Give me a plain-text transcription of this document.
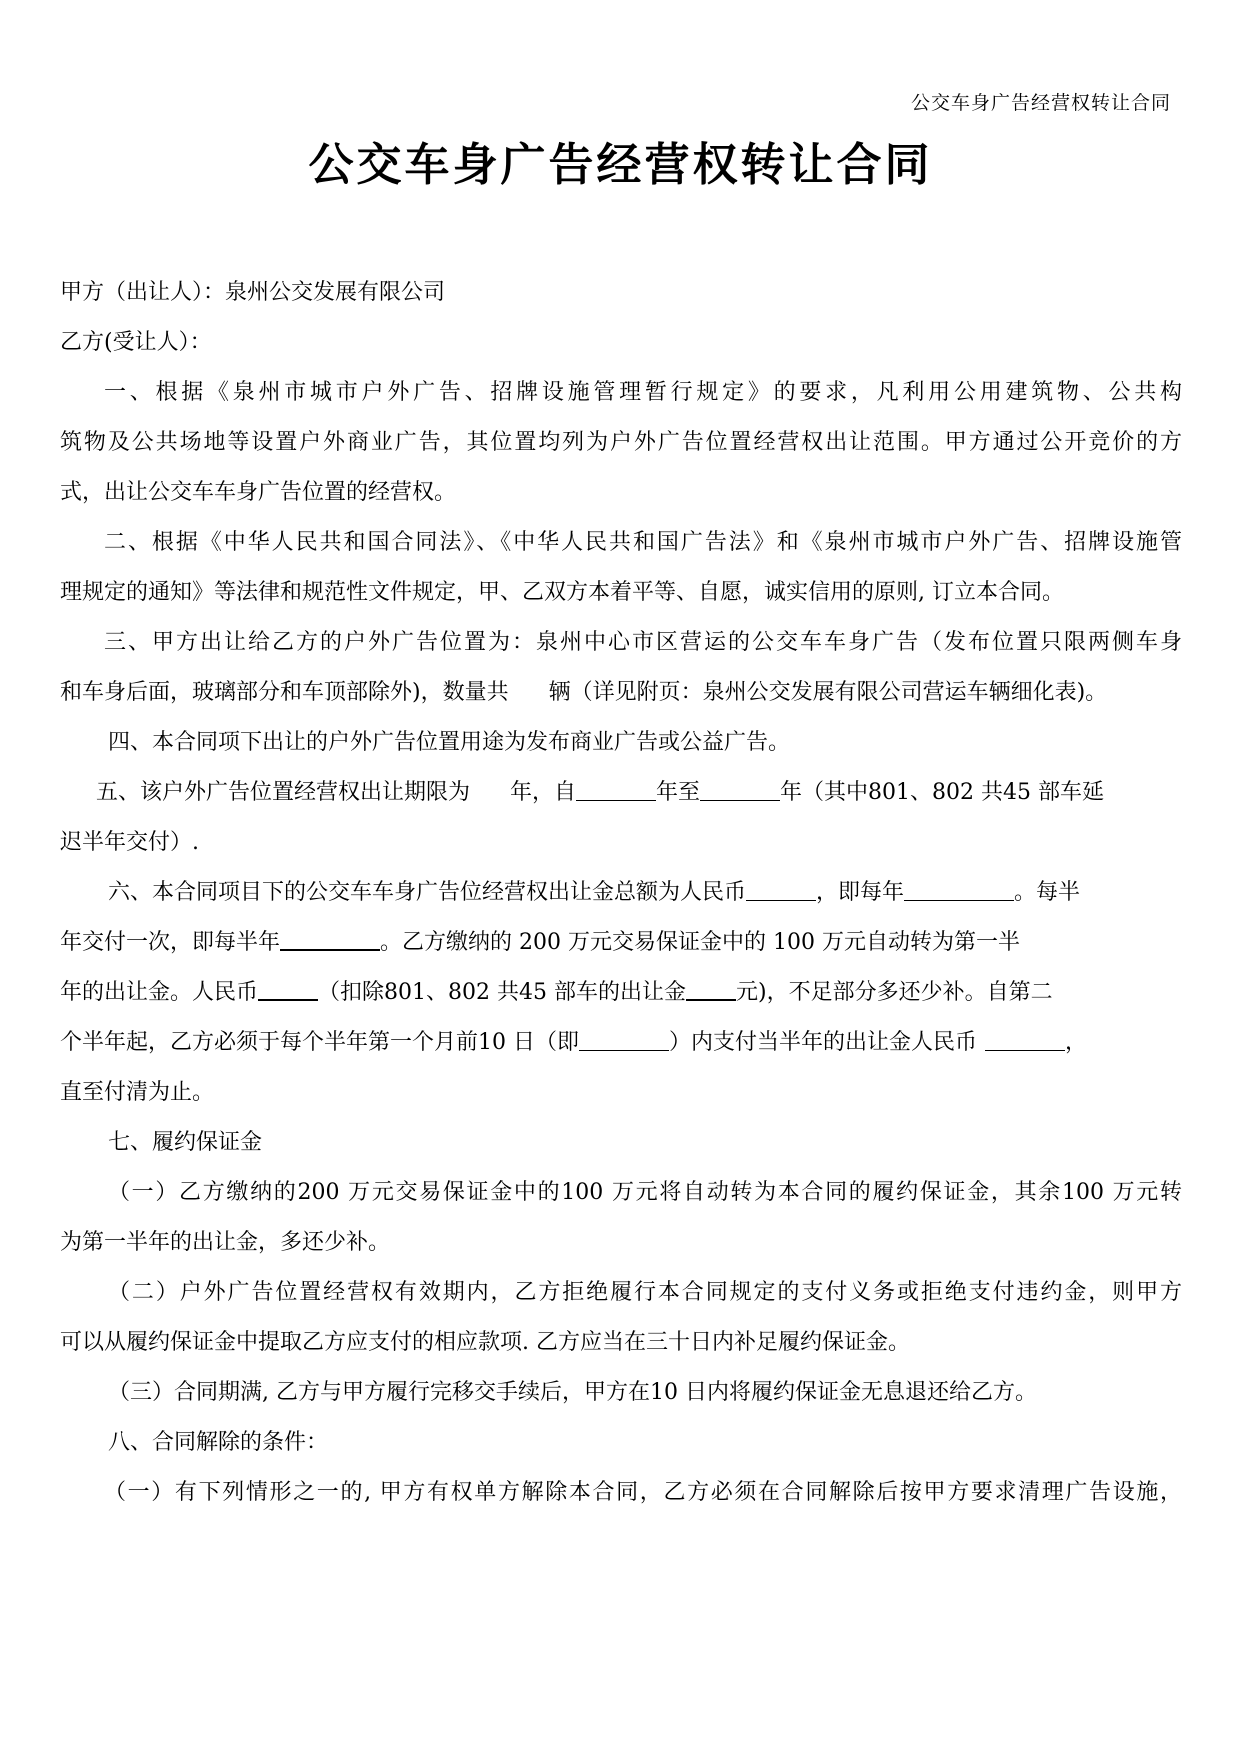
公交车身广告经营权转让合同
公交车身广告经营权转让合同
甲方（出让人）：泉州公交发展有限公司
乙方(受让人）：
一、根据《泉州市城市户外广告、招牌设施管理暂行规定》的要求，凡利用公用建筑物、公共构
筑物及公共场地等设置户外商业广告，其位置均列为户外广告位置经营权出让范围。甲方通过公开竞价的方
式，出让公交车车身广告位置的经营权。
二、根据《中华人民共和国合同法》、《中华人民共和国广告法》和《泉州市城市户外广告、招牌设施管
理规定的通知》等法律和规范性文件规定，甲、乙双方本着平等、自愿，诚实信用的原则, 订立本合同。
三、甲方出让给乙方的户外广告位置为：泉州中心市区营运的公交车车身广告（发布位置只限两侧车身
和车身后面，玻璃部分和车顶部除外)，数量共 辆（详见附页：泉州公交发展有限公司营运车辆细化表)。
四、本合同项下出让的户外广告位置用途为发布商业广告或公益广告。
五、该户外广告位置经营权出让期限为 年，自	年至	年（其中801、802 共45 部车延
迟半年交付）.
六、本合同项目下的公交车车身广告位经营权出让金总额为人民币	，即每年	。每半
年交付一次，即每半年	。乙方缴纳的 200 万元交易保证金中的 100 万元自动转为第一半
年的出让金。人民币	（扣除801、802 共45 部车的出让金 元)，不足部分多还少补。自第二
个半年起，乙方必须于每个半年第一个月前10 日（即	）内支付当半年的出让金人民币	，
直至付清为止。
七、履约保证金
（一）乙方缴纳的200 万元交易保证金中的100 万元将自动转为本合同的履约保证金，其余100 万元转
为第一半年的出让金，多还少补。
（二）户外广告位置经营权有效期内，乙方拒绝履行本合同规定的支付义务或拒绝支付违约金，则甲方
可以从履约保证金中提取乙方应支付的相应款项. 乙方应当在三十日内补足履约保证金。
（三）合同期满, 乙方与甲方履行完移交手续后，甲方在10 日内将履约保证金无息退还给乙方。
八、合同解除的条件：
（一）有下列情形之一的, 甲方有权单方解除本合同，乙方必须在合同解除后按甲方要求清理广告设施，
